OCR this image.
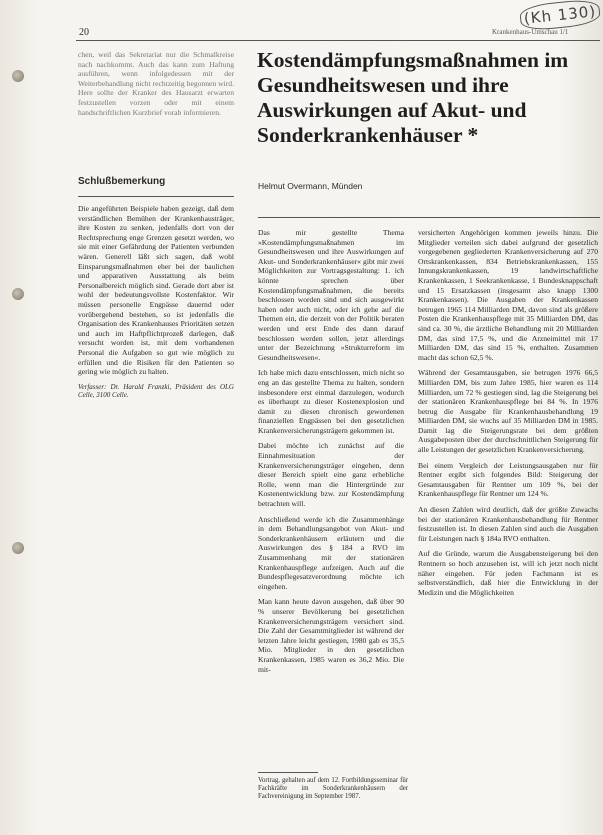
20	Krankenhaus-Umschau 1/1
(Kh 130)

chen, weil das Sekretariat nur die Schmalkreise nach nachkommt. Auch das kann zum Haftung ausführen, wenn infolgedessen mit der Weiterbehandlung nicht rechtzeitig begonnen wird. Here sollte der Kranker des Hausarzt erwarten festzustellen vorzen oder mit einem handschriftlichen Kurzbrief vorab informieren.

Schlußbemerkung

Die angeführten Beispiele haben gezeigt, daß dem verständlichen Bemühen der Krankenhausträger, ihre Kosten zu senken, jedenfalls dort von der Rechtsprechung enge Grenzen gesetzt werden, wo sie mit einer Gefährdung der Patienten verbunden wären. Generell läßt sich sagen, daß wohl Einsparungsmaßnahmen eher bei der baulichen und apparativen Ausstattung als beim Personalbereich möglich sind. Gerade dort aber ist wohl der bedeutungsvollste Kostenfaktor. Wir müssen personelle Engpässe dauernd oder vorübergehend bestehen, so ist jedenfalls die Organisation des Krankenhauses Prioritäten setzen und auch im Haftpflichtprozeß darlegen, daß versucht worden ist, mit dem vorhandenen Personal die Aufgaben so gut wie möglich zu erfüllen und die Risiken für den Patienten so gering wie möglich zu halten.

Verfasser: Dr. Harald Franzki, Präsident des OLG Celle, 3100 Celle.
Kostendämpfungsmaßnahmen im Gesundheitswesen und ihre Auswirkungen auf Akut- und Sonderkrankenhäuser *
Helmut Overmann, Münden

Das mir gestellte Thema »Kostendämpfungsmaßnahmen im Gesundheitswesen und ihre Auswirkungen auf Akut- und Sonderkrankenhäuser« gibt mir zwei Möglichkeiten zur Vortragsgestaltung: 1. ich könnte sprechen über Kostendämpfungsmaßnahmen, die bereits beschlossen worden sind und sich ausgewirkt haben oder auch nicht, oder ich gehe auf die Themen ein, die derzeit von der Politik beraten werden und erst Ende des dann darauf beschlossen werden sollen, jetzt allerdings unter der Bezeichnung »Strukturreform im Gesundheitswesen«.

Ich habe mich dazu entschlossen, mich nicht so eng an das gestellte Thema zu halten, sondern insbesondere erst einmal darzulegen, wodurch es überhaupt zu dieser Kostenexplosion und damit zu diesen chronisch gewordenen finanziellen Engpässen bei den gesetzlichen Krankenversicherungsträgern gekommen ist.

Dabei möchte ich zunächst auf die Einnahmesituation der Krankenversicherungsträger eingehen, denn dieser Bereich spielt eine ganz erhebliche Rolle, wenn man die Hintergründe zur Kostenentwicklung bzw. zur Kostendämpfung betrachten will.

Anschließend werde ich die Zusammenhänge in dem Behandlungsangebot von Akut- und Sonderkrankenhäusern erläutern und die Auswirkungen des § 184 a RVO im Zusammenhang mit der stationären Krankenhauspflege aufzeigen. Auch auf die Bundespflegesatzverordnung möchte ich eingehen.

Man kann heute davon ausgehen, daß über 90 % unserer Bevölkerung bei gesetzlichen Krankenversicherungsträgern versichert sind. Die Zahl der Gesamtmitglieder ist während der letzten Jahre leicht gestiegen, 1980 gab es 35,5 Mio. Mitglieder in den gesetzlichen Krankenkassen, 1985 waren es 36,2 Mio. Die mit-

Vortrag, gehalten auf dem 12. Fortbildungsseminar für Fachkräfte im Sonderkrankenhäusern der Fachvereinigung im September 1987.

versicherten Angehörigen kommen jeweils hinzu. Die Mitglieder verteilen sich dabei aufgrund der gesetzlich vorgegebenen gegliederten Krankenversicherung auf 270 Ortskrankenkassen, 834 Betriebskrankenkassen, 155 Innungskrankenkassen, 19 landwirtschaftliche Krankenkassen, 1 Seekrankenkasse, 1 Bundesknappschaft und 15 Ersatzkassen (insgesamt also knapp 1300 Krankenkassen). Die Ausgaben der Krankenkassen betrugen 1965 114 Milliarden DM, davon sind als größere Posten die Krankenhauspflege mit 35 Milliarden DM, das sind ca. 30 %, die ärztliche Behandlung mit 20 Milliarden DM, das sind 17,5 %, und die Arzneimittel mit 17 Milliarden DM, das sind 15 %, enthalten. Zusammen macht das schon 62,5 %.

Während der Gesamtausgaben, sie betrugen 1976 66,5 Milliarden DM, bis zum Jahre 1985, hier waren es 114 Milliarden, um 72 % gestiegen sind, lag die Steigerung bei der stationären Krankenhauspflege bei 84 %. In 1976 betrug die Ausgabe für Krankenhausbehandlung 19 Milliarden DM, sie wuchs auf 35 Milliarden DM in 1985. Damit lag die Steigerungsrate bei dem größten Ausgabeposten über der durchschnittlichen Steigerung für alle Leistungen der gesetzlichen Krankenversicherung.

Bei einem Vergleich der Leistungsausgaben nur für Rentner ergibt sich folgendes Bild: Steigerung der Gesamtausgaben für Rentner um 109 %, bei der Krankenhauspflege für Rentner um 124 %.

An diesen Zahlen wird deutlich, daß der größte Zuwachs bei der stationären Krankenhausbehandlung für Rentner festzustellen ist. In diesen Zahlen sind auch die Ausgaben für Leistungen nach § 184a RVO enthalten.

Auf die Gründe, warum die Ausgabensteigerung bei den Rentnern so hoch anzusehen ist, will ich jetzt noch nicht näher eingehen. Für jeden Fachmann ist es selbstverständlich, daß hier die Entwicklung in der Medizin und die Möglichkeiten
